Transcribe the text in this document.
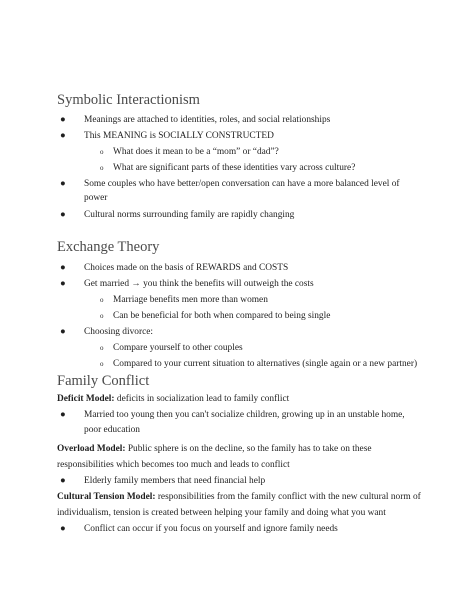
Symbolic Interactionism
● Meanings are attached to identities, roles, and social relationships

● This MEANING is SOCIALLY CONSTRUCTED

o What does it mean to be a “mom” or “dad”?

o What are significant parts of these identities vary across culture?

● Some couples who have better/open conversation can have a more balanced level of

power

● Cultural norms surrounding family are rapidly changing

Exchange Theory
● Choices made on the basis of REWARDS and COSTS

● Get married → you think the benefits will outweigh the costs

o Marriage benefits men more than women

o Can be beneficial for both when compared to being single

● Choosing divorce:

o Compare yourself to other couples

o Compared to your current situation to alternatives (single again or a new partner)

Family Conflict

Deficit Model: deficits in socialization lead to family conflict

● Married too young then you can't socialize children, growing up in an unstable home,

poor education

Overload Model: Public sphere is on the decline, so the family has to take on these

responsibilities which becomes too much and leads to conflict

● Elderly family members that need financial help

Cultural Tension Model: responsibilities from the family conflict with the new cultural norm of

individualism, tension is created between helping your family and doing what you want

● Conflict can occur if you focus on yourself and ignore family needs
